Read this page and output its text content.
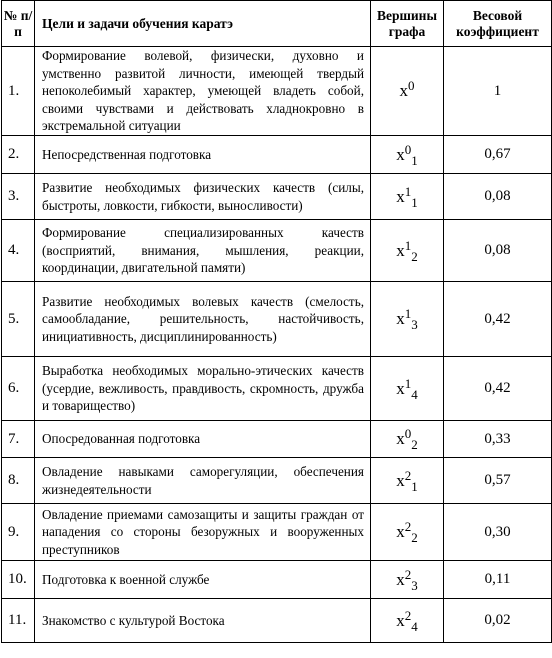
№ п/п	Цели и задачи обучения каратэ	Вершины графа	Весовой коэффициент
1.	Формирование волевой, физически, духовно и умственно развитой личности, имеющей твердый непоколебимый характер, умеющей владеть собой, своими чувствами и действовать хладнокровно в экстремальной ситуации	$x^0$	1
2.	Непосредственная подготовка	$x^0_1$	0,67
3.	Развитие необходимых физических качеств (силы, быстроты, ловкости, гибкости, выносливости)	$x^1_1$	0,08
4.	Формирование специализированных качеств (восприятий, внимания, мышления, реакции, координации, двигательной памяти)	$x^1_2$	0,08
5.	Развитие необходимых волевых качеств (смелость, самообладание, решительность, настойчивость, инициативность, дисциплинированность)	$x^1_3$	0,42
6.	Выработка необходимых морально-этических качеств (усердие, вежливость, правдивость, скромность, дружба и товарищество)	$x^1_4$	0,42
7.	Опосредованная подготовка	$x^0_2$	0,33
8.	Овладение навыками саморегуляции, обеспечения жизнедеятельности	$x^2_1$	0,57
9.	Овладение приемами самозащиты и защиты граждан от нападения со стороны безоружных и вооруженных преступников	$x^2_2$	0,30
10.	Подготовка к военной службе	$x^2_3$	0,11
11.	Знакомство с культурой Востока	$x^2_4$	0,02
